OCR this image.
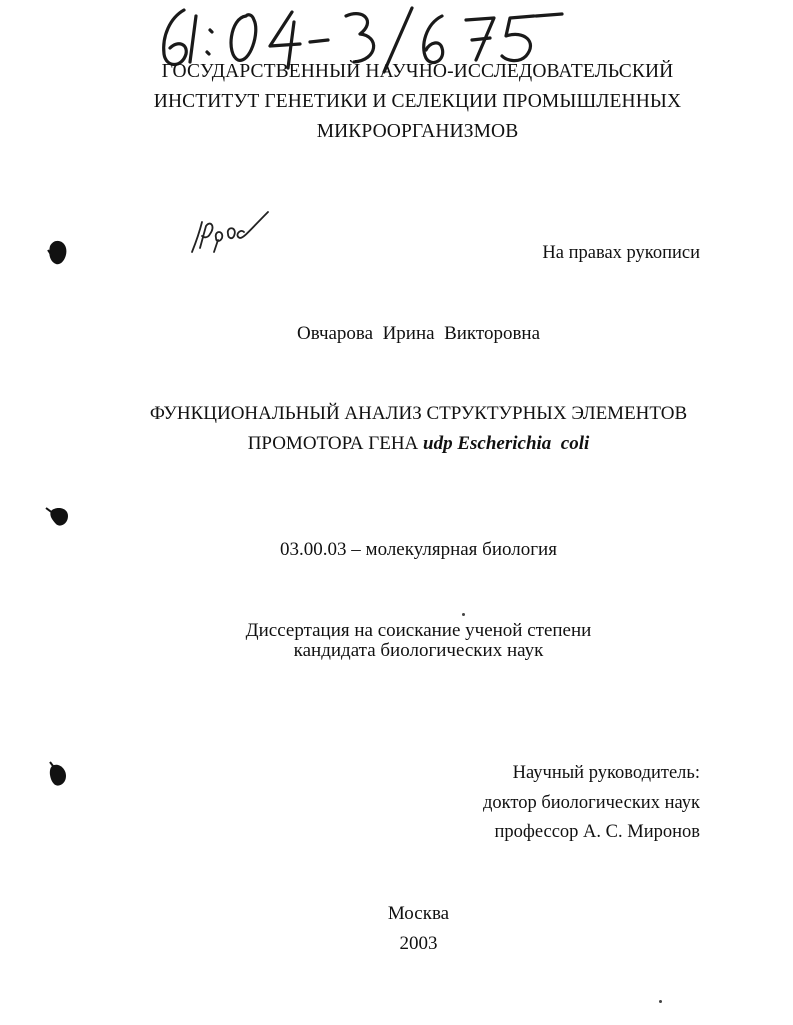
ГОСУДАРСТВЕННЫЙ НАУЧНО-ИССЛЕДОВАТЕЛЬСКИЙ
ИНСТИТУТ ГЕНЕТИКИ И СЕЛЕКЦИИ ПРОМЫШЛЕННЫХ
МИКРООРГАНИЗМОВ
На правах рукописи
Овчарова  Ирина  Викторовна
ФУНКЦИОНАЛЬНЫЙ АНАЛИЗ СТРУКТУРНЫХ ЭЛЕМЕНТОВ
ПРОМОТОРА ГЕНА udp Escherichia  coli
03.00.03 – молекулярная биология
Диссертация на соискание ученой степени
кандидата биологических наук
Научный руководитель:
доктор биологических наук
профессор А. С. Миронов
Москва
2003
